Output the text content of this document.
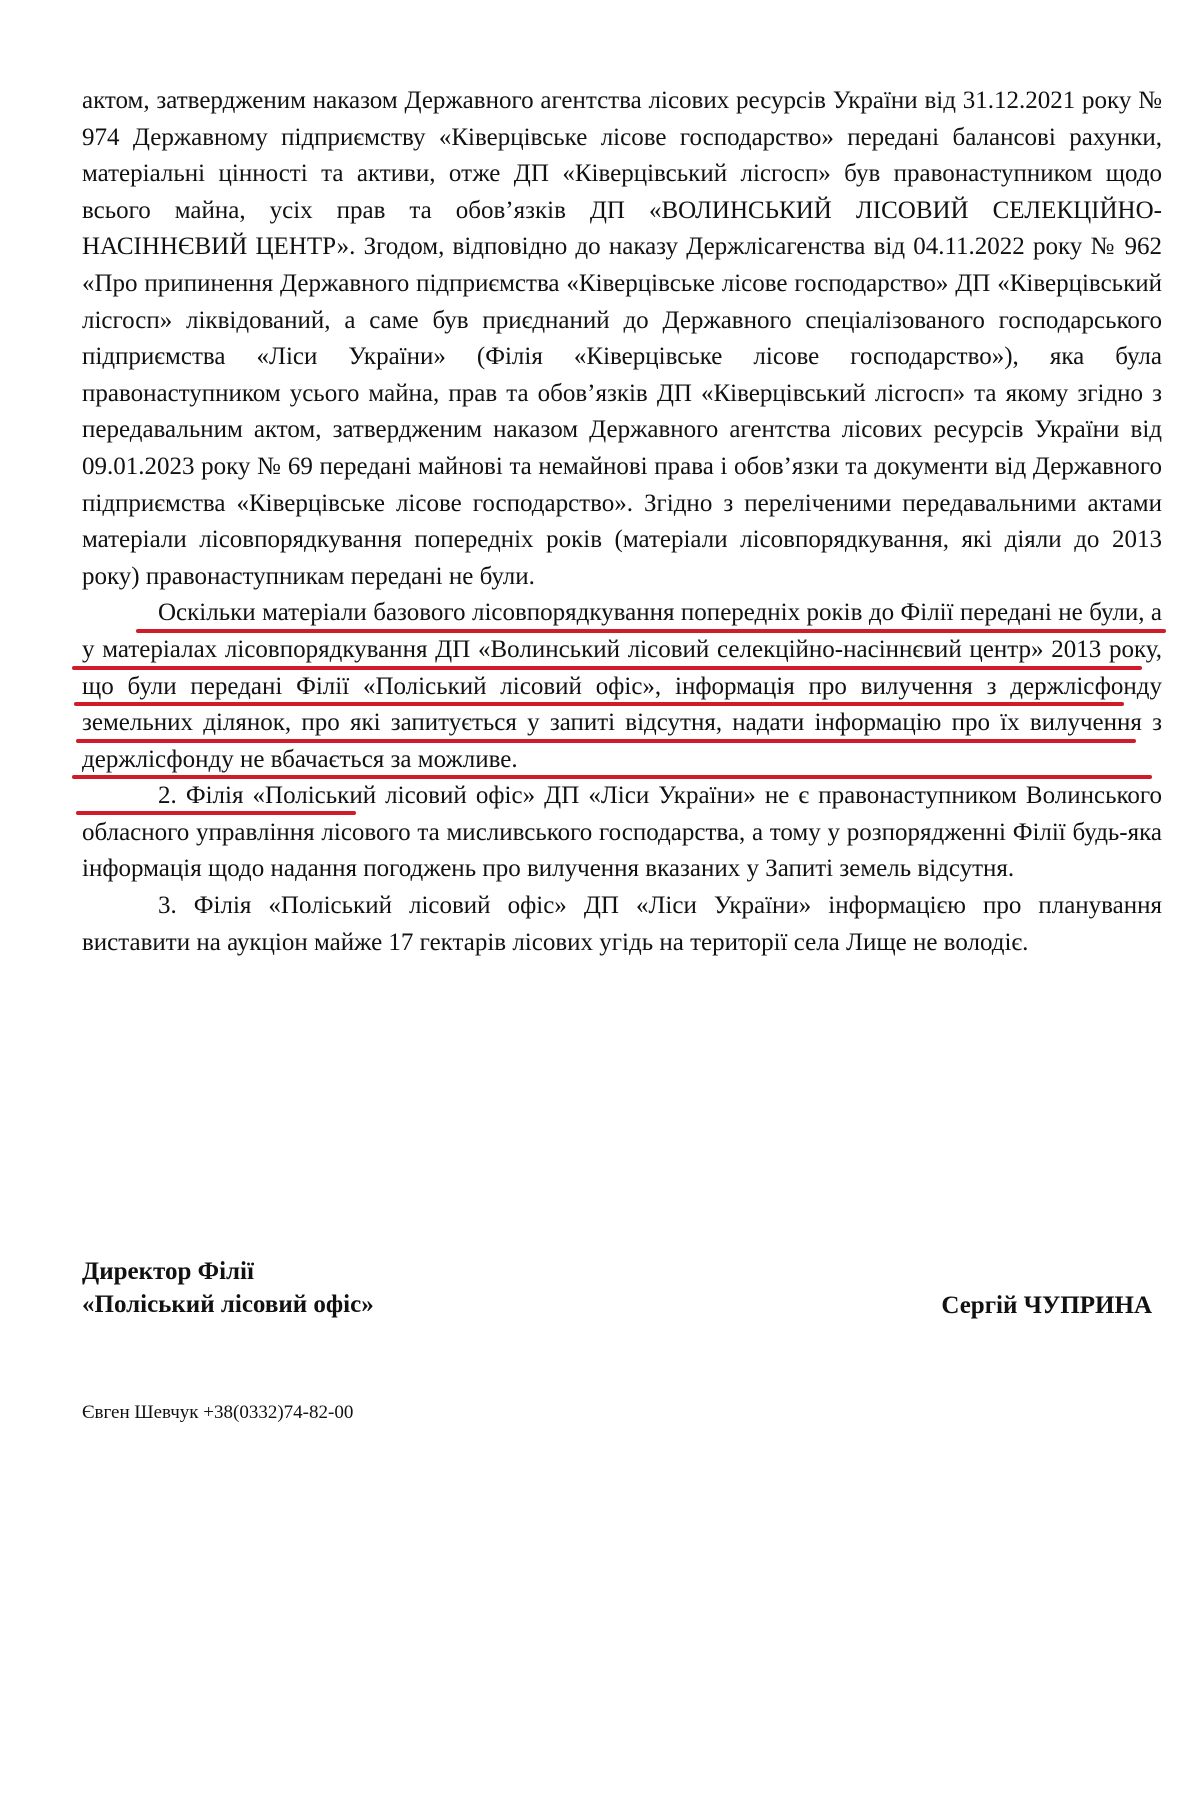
актом, затвердженим наказом Державного агентства лісових ресурсів України від 31.12.2021 року № 974 Державному підприємству «Ківерцівське лісове господарство» передані балансові рахунки, матеріальні цінності та активи, отже ДП «Ківерцівський лісгосп» був правонаступником щодо всього майна, усіх прав та обов’язків ДП «ВОЛИНСЬКИЙ ЛІСОВИЙ СЕЛЕКЦІЙНО-НАСІННЄВИЙ ЦЕНТР». Згодом, відповідно до наказу Держлісагенства від 04.11.2022 року № 962 «Про припинення Державного підприємства «Ківерцівське лісове господарство» ДП «Ківерцівський лісгосп» ліквідований, а саме був приєднаний до Державного спеціалізованого господарського підприємства «Ліси України» (Філія «Ківерцівське лісове господарство»), яка була правонаступником усього майна, прав та обов’язків ДП «Ківерцівський лісгосп» та якому згідно з передавальним актом, затвердженим наказом Державного агентства лісових ресурсів України від 09.01.2023 року № 69 передані майнові та немайнові права і обов’язки та документи від Державного підприємства «Ківерцівське лісове господарство». Згідно з переліченими передавальними актами матеріали лісовпорядкування попередніх років (матеріали лісовпорядкування, які діяли до 2013 року) правонаступникам передані не були.

Оскільки матеріали базового лісовпорядкування попередніх років до Філії передані не були, а у матеріалах лісовпорядкування ДП «Волинський лісовий селекційно-насіннєвий центр» 2013 року, що були передані Філії «Поліський лісовий офіс», інформація про вилучення з держлісфонду земельних ділянок, про які запитується у запиті відсутня, надати інформацію про їх вилучення з держлісфонду не вбачається за можливе.

2. Філія «Поліський лісовий офіс» ДП «Ліси України» не є правонаступником Волинського обласного управління лісового та мисливського господарства, а тому у розпорядженні Філії будь-яка інформація щодо надання погоджень про вилучення вказаних у Запиті земель відсутня.

3. Філія «Поліський лісовий офіс» ДП «Ліси України» інформацією про планування виставити на аукціон майже 17 гектарів лісових угідь на території села Лище не володіє.

Директор Філії
«Поліський лісовий офіс»	Сергій ЧУПРИНА
Євген Шевчук +38(0332)74-82-00
